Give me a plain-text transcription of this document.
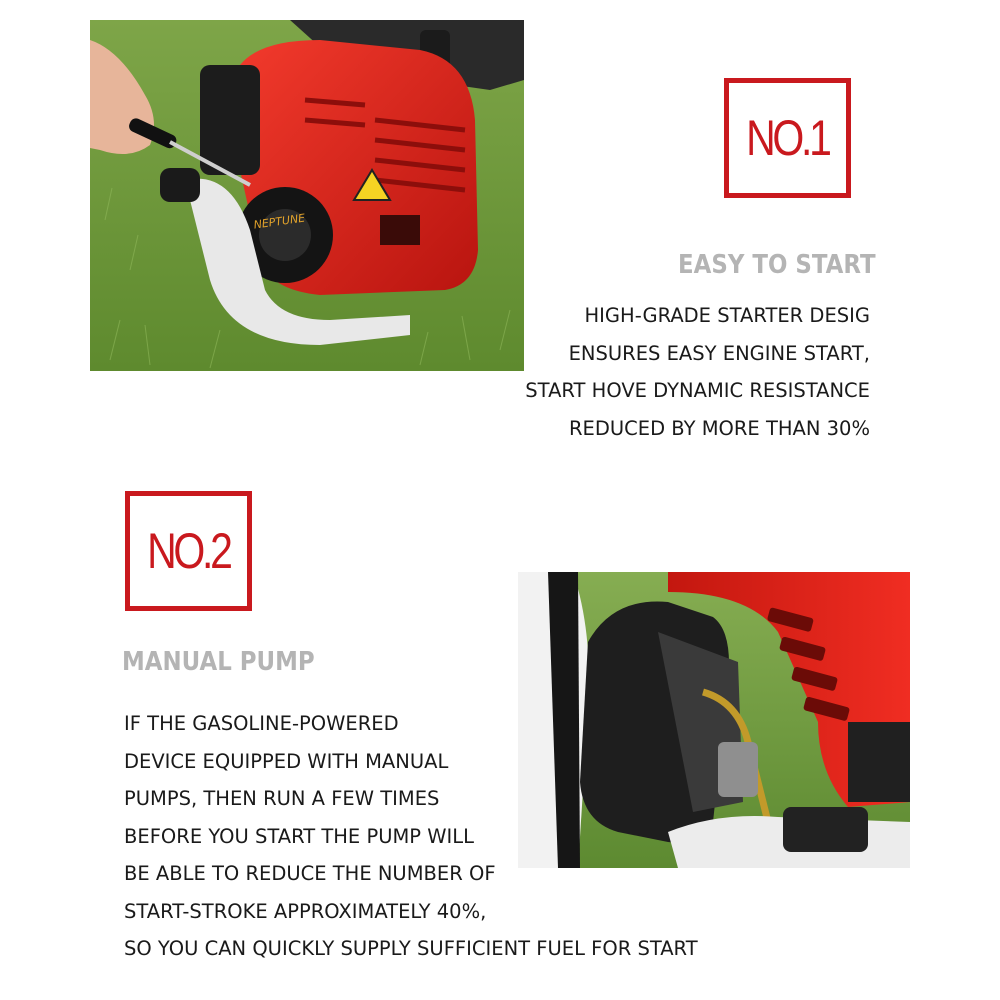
NEPTUNE
NO.1
EASY TO START
HIGH-GRADE STARTER DESIG
ENSURES EASY ENGINE START,
START HOVE DYNAMIC RESISTANCE
REDUCED BY MORE THAN 30%
NO.2
MANUAL PUMP
IF THE GASOLINE-POWERED
DEVICE EQUIPPED WITH MANUAL
PUMPS, THEN RUN A FEW TIMES
BEFORE YOU START THE PUMP WILL
BE ABLE TO REDUCE THE NUMBER OF
START-STROKE APPROXIMATELY 40%,
SO YOU CAN QUICKLY SUPPLY SUFFICIENT FUEL FOR START
